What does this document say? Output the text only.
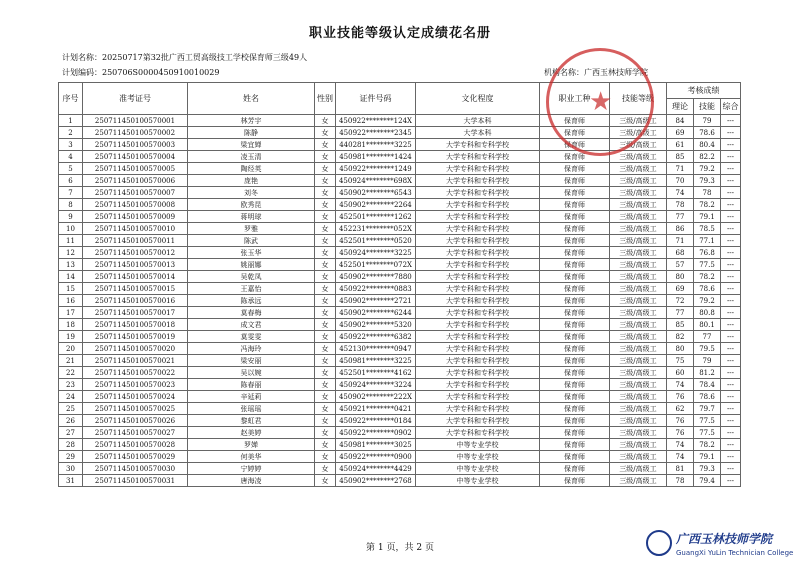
职业技能等级认定成绩花名册
计划名称：20250717第32批广西工贸高级技工学校保育师三级49人
计划编码：250706S0000450910010029	机构名称：广西玉林技师学院
序号	准考证号	姓名	性别	证件号码	文化程度	职业工种	技能等级	考核成绩		
								理论	技能	综合
1	250711450100570001	林芳宇	女	450922********124X	大学本科	保育师	三级/高级工	84	79	---
2	250711450100570002	陈静	女	450922********2345	大学本科	保育师	三级/高级工	69	78.6	---
3	250711450100570003	梁宜婵	女	440281********3225	大学专科和专科学校	保育师	三级/高级工	61	80.4	---
4	250711450100570004	凌玉清	女	450981********1424	大学专科和专科学校	保育师	三级/高级工	85	82.2	---
5	250711450100570005	陶经英	女	450922********1249	大学专科和专科学校	保育师	三级/高级工	71	79.2	---
6	250711450100570006	庞艳	女	450924********698X	大学专科和专科学校	保育师	三级/高级工	70	79.3	---
7	250711450100570007	刘冬	女	450902********6543	大学专科和专科学校	保育师	三级/高级工	74	78	---
8	250711450100570008	欧秀昆	女	450902********2264	大学专科和专科学校	保育师	三级/高级工	78	78.2	---
9	250711450100570009	蒋明球	女	452501********1262	大学专科和专科学校	保育师	三级/高级工	77	79.1	---
10	250711450100570010	罗雅	女	452231********052X	大学专科和专科学校	保育师	三级/高级工	86	78.5	---
11	250711450100570011	陈武	女	452501********0520	大学专科和专科学校	保育师	三级/高级工	71	77.1	---
12	250711450100570012	张玉华	女	450924********3225	大学专科和专科学校	保育师	三级/高级工	68	76.8	---
13	250711450100570013	姚丽娜	女	452501********072X	大学专科和专科学校	保育师	三级/高级工	57	77.5	---
14	250711450100570014	吴乾凤	女	450902********7880	大学专科和专科学校	保育师	三级/高级工	80	78.2	---
15	250711450100570015	王嘉怡	女	450922********0883	大学专科和专科学校	保育师	三级/高级工	69	78.6	---
16	250711450100570016	陈承远	女	450902********2721	大学专科和专科学校	保育师	三级/高级工	72	79.2	---
17	250711450100570017	莫春梅	女	450902********6244	大学专科和专科学校	保育师	三级/高级工	77	80.8	---
18	250711450100570018	成文君	女	450902********5320	大学专科和专科学校	保育师	三级/高级工	85	80.1	---
19	250711450100570019	莫雯雯	女	450922********6382	大学专科和专科学校	保育师	三级/高级工	82	77	---
20	250711450100570020	冯海玲	女	452130********0947	大学专科和专科学校	保育师	三级/高级工	80	79.5	---
21	250711450100570021	梁安丽	女	450981********3225	大学专科和专科学校	保育师	三级/高级工	75	79	---
22	250711450100570022	吴以婉	女	452501********4162	大学专科和专科学校	保育师	三级/高级工	60	81.2	---
23	250711450100570023	陈春丽	女	450924********3224	大学专科和专科学校	保育师	三级/高级工	74	78.4	---
24	250711450100570024	辛延莉	女	450902********222X	大学专科和专科学校	保育师	三级/高级工	76	78.6	---
25	250711450100570025	张瑶瑶	女	450921********0421	大学专科和专科学校	保育师	三级/高级工	62	79.7	---
26	250711450100570026	黎虹君	女	450922********0184	大学专科和专科学校	保育师	三级/高级工	76	77.5	---
27	250711450100570027	赵美婷	女	450922********0902	大学专科和专科学校	保育师	三级/高级工	76	77.5	---
28	250711450100570028	罗婵	女	450981********3025	中等专业学校	保育师	三级/高级工	74	78.2	---
29	250711450100570029	何美华	女	450922********0900	中等专业学校	保育师	三级/高级工	74	79.1	---
30	250711450100570030	宁婷婷	女	450924********4429	中等专业学校	保育师	三级/高级工	81	79.3	---
31	250711450100570031	唐海凌	女	450902********2768	中等专业学校	保育师	三级/高级工	78	79.4	---
★
第 1 页，共 2 页
广西玉林技师学院
GuangXi YuLin Technician College
